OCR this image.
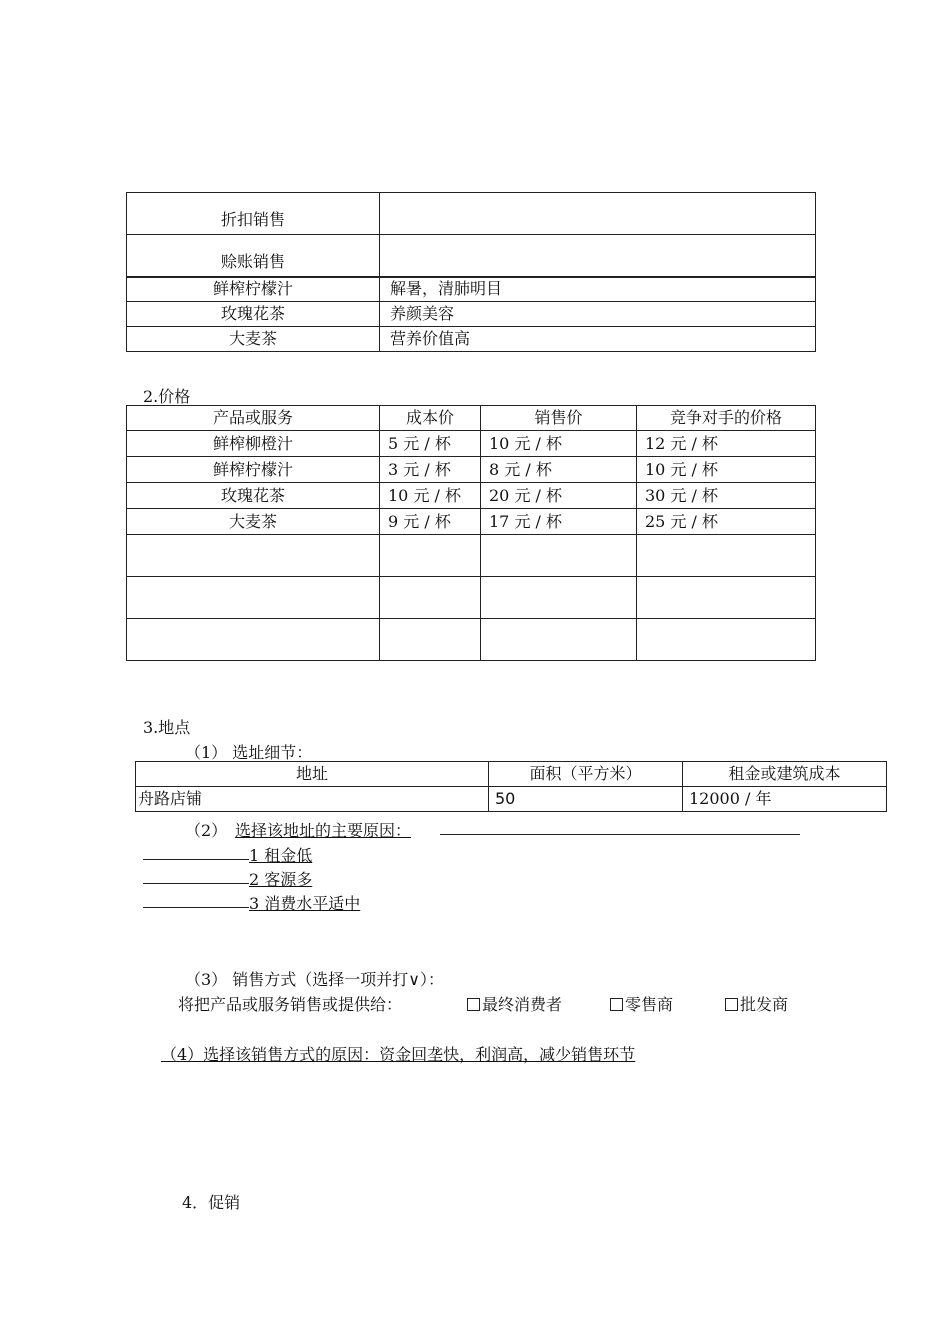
折扣销售	
赊账销售	
鲜榨柠檬汁	解暑，清肺明目
玫瑰花茶	养颜美容
大麦茶	营养价值高
2.价格
产品或服务	成本价	销售价	竞争对手的价格
鲜榨柳橙汁	5 元 / 杯	10 元 / 杯	12 元 / 杯
鲜榨柠檬汁	3 元 / 杯	8 元 / 杯	10 元 / 杯
玫瑰花茶	10 元 / 杯	20 元 / 杯	30 元 / 杯
大麦茶	9 元 / 杯	17 元 / 杯	25 元 / 杯

3.地点
（1） 选址细节：
地址	面积（平方米）	租金或建筑成本
舟路店铺	50	12000 / 年
（2） 选择该地址的主要原因：
1 租金低
2 客源多
3 消费水平适中
（3） 销售方式（选择一项并打∨）：
将把产品或服务销售或提供给：	最终消费者	零售商	批发商
（4）选择该销售方式的原因：资金回垄快，利润高，减少销售环节
4．促销
